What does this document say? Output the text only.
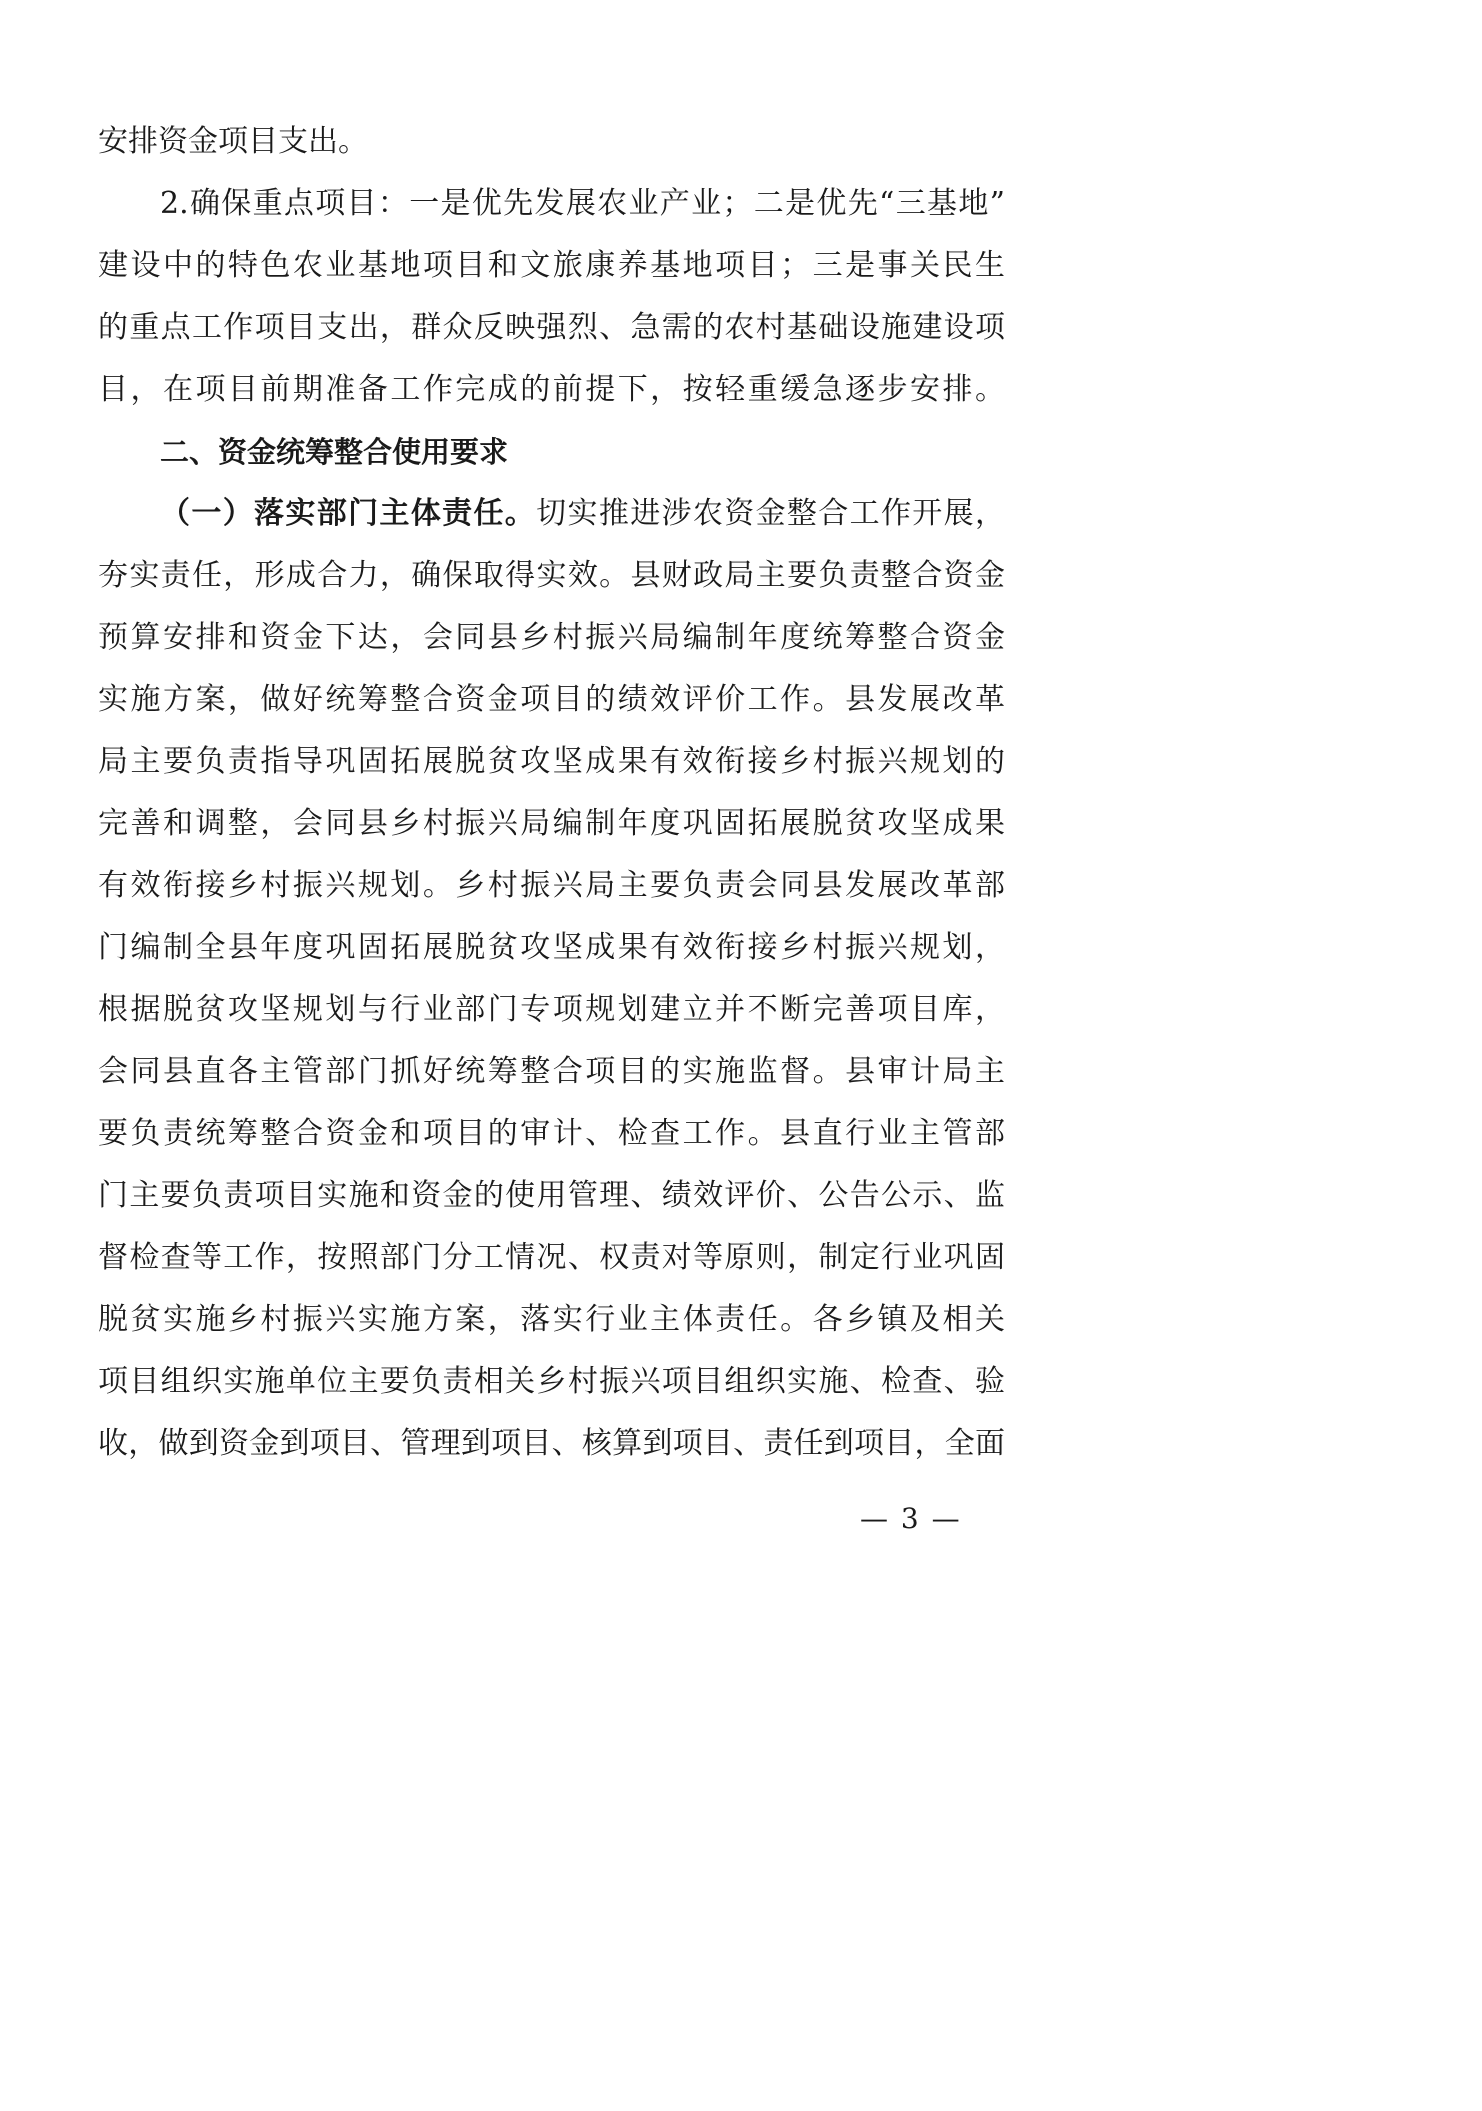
安排资金项目支出。
2.确保重点项目：一是优先发展农业产业；二是优先“三基地”
建设中的特色农业基地项目和文旅康养基地项目；三是事关民生
的重点工作项目支出，群众反映强烈、急需的农村基础设施建设项
目，在项目前期准备工作完成的前提下，按轻重缓急逐步安排。
二、资金统筹整合使用要求
（一）落实部门主体责任。切实推进涉农资金整合工作开展，
夯实责任，形成合力，确保取得实效。县财政局主要负责整合资金
预算安排和资金下达，会同县乡村振兴局编制年度统筹整合资金
实施方案，做好统筹整合资金项目的绩效评价工作。县发展改革
局主要负责指导巩固拓展脱贫攻坚成果有效衔接乡村振兴规划的
完善和调整，会同县乡村振兴局编制年度巩固拓展脱贫攻坚成果
有效衔接乡村振兴规划。乡村振兴局主要负责会同县发展改革部
门编制全县年度巩固拓展脱贫攻坚成果有效衔接乡村振兴规划，
根据脱贫攻坚规划与行业部门专项规划建立并不断完善项目库，
会同县直各主管部门抓好统筹整合项目的实施监督。县审计局主
要负责统筹整合资金和项目的审计、检查工作。县直行业主管部
门主要负责项目实施和资金的使用管理、绩效评价、公告公示、监
督检查等工作，按照部门分工情况、权责对等原则，制定行业巩固
脱贫实施乡村振兴实施方案，落实行业主体责任。各乡镇及相关
项目组织实施单位主要负责相关乡村振兴项目组织实施、检查、验
收，做到资金到项目、管理到项目、核算到项目、责任到项目，全面
— 3 —
